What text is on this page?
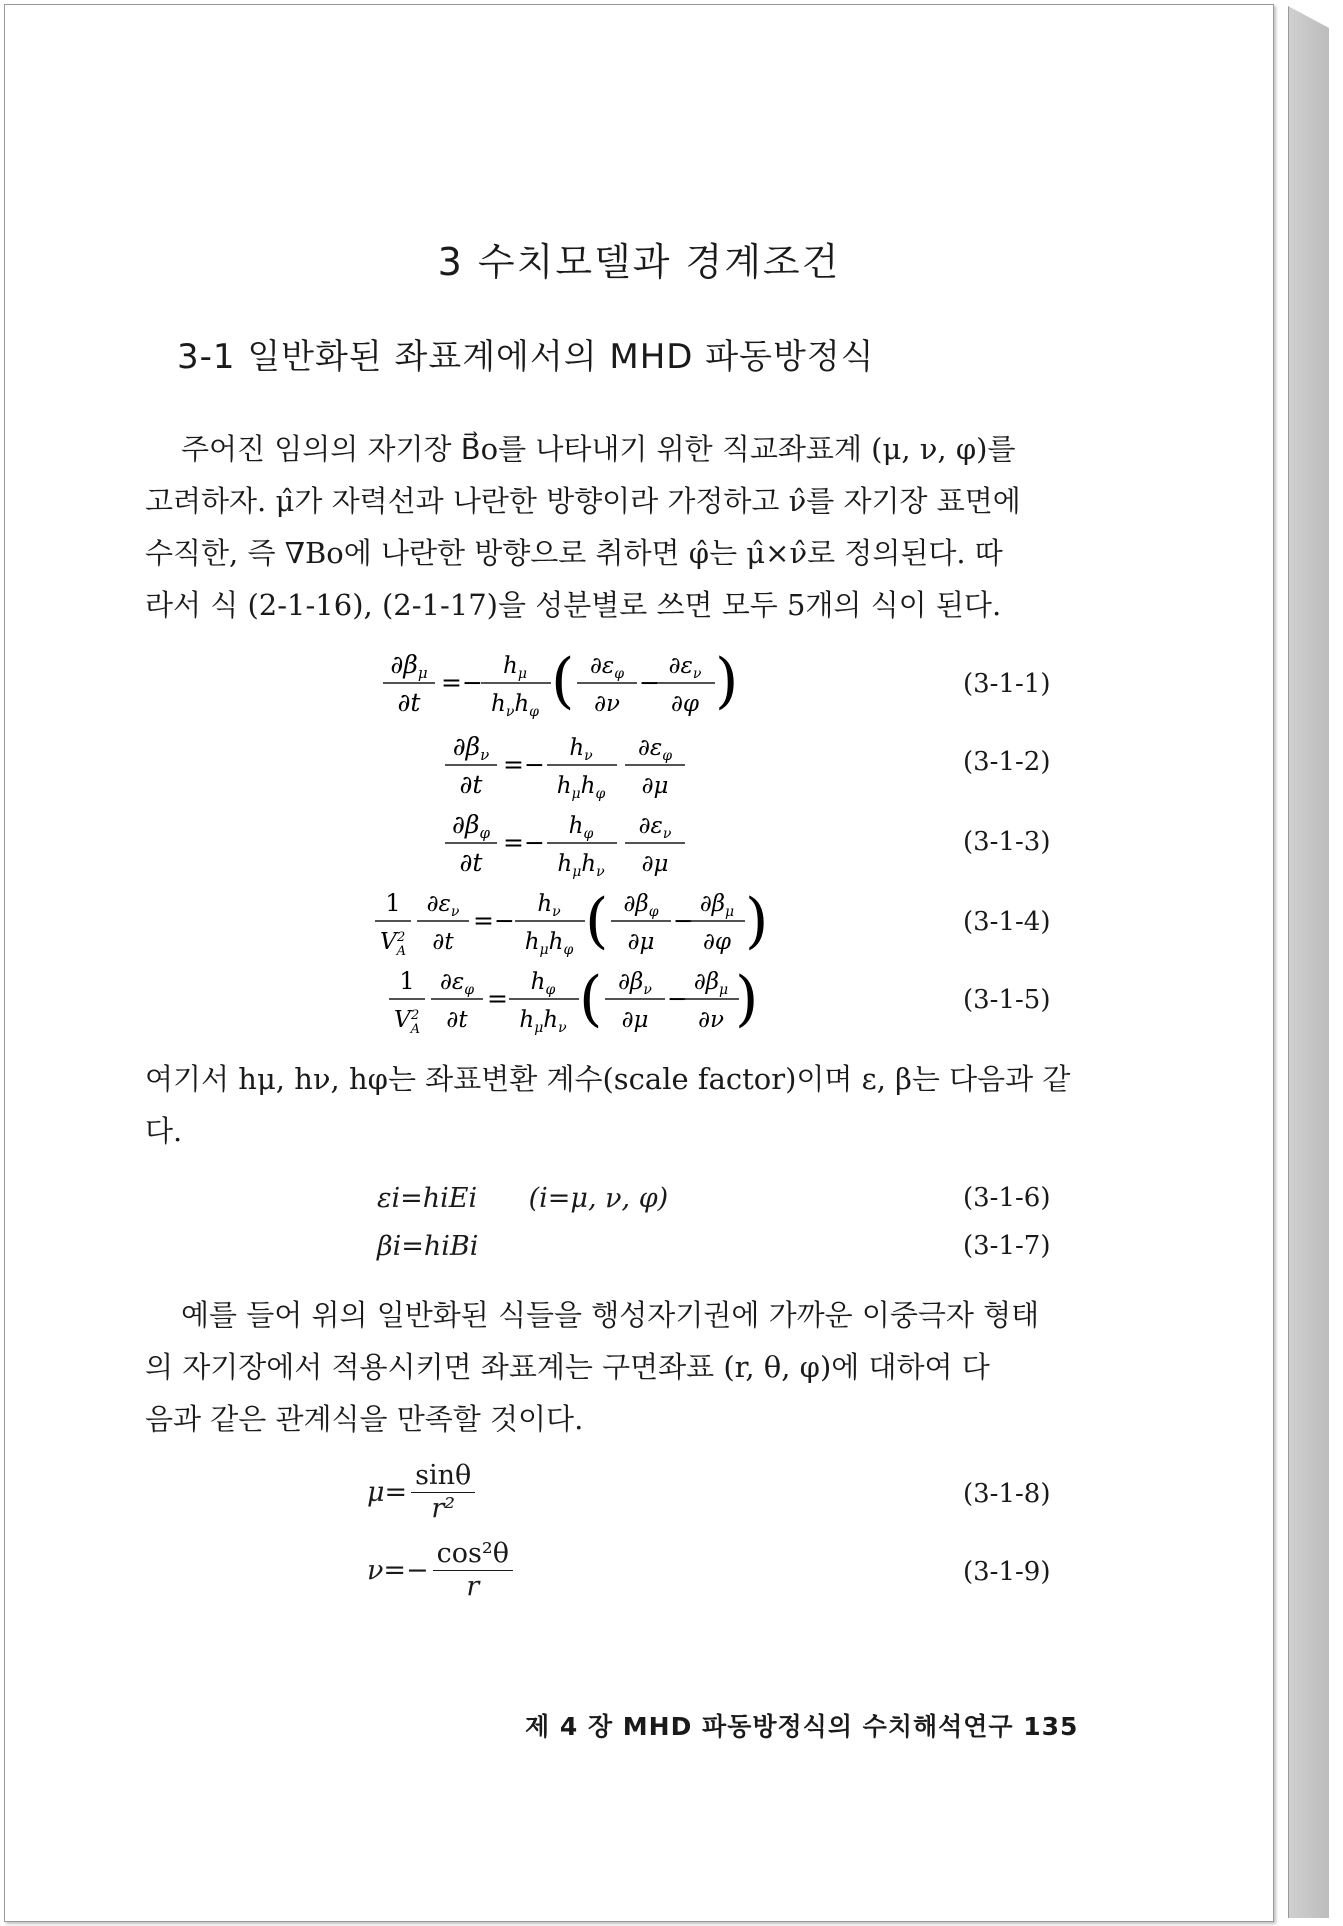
3 수치모델과 경계조건
3-1 일반화된 좌표계에서의 MHD 파동방정식
주어진 임의의 자기장 B⃗o를 나타내기 위한 직교좌표계 (μ, ν, φ)를
고려하자. μ̂가 자력선과 나란한 방향이라 가정하고 ν̂를 자기장 표면에
수직한, 즉 ∇Bo에 나란한 방향으로 취하면 φ̂는 μ̂×ν̂로 정의된다. 따
라서 식 (2-1-16), (2-1-17)을 성분별로 쓰면 모두 5개의 식이 된다.
$\partial\beta_\mu$
∂t
=−
$h_\mu$
$h_\nu h_\varphi$ ( $\partial\varepsilon_\varphi$
∂ν
−
$\partial\varepsilon_\nu$
∂φ )	(3-1-1)
$\partial\beta_\nu$
∂t
=−
$h_\nu$
$h_\mu h_\varphi$
$\partial\varepsilon_\varphi$
∂μ
(3-1-2)
$\partial\beta_\varphi$
∂t
=−
$h_\varphi$
$h_\mu h_\nu$
$\partial\varepsilon_\nu$
∂μ
(3-1-3)
1
$V_A2$
$\partial\varepsilon_\nu$
∂t
=−
$h_\nu$
$h_\mu h_\varphi$ ( $\partial\beta_\varphi$
∂μ
−
$\partial\beta_\mu$
∂φ
(3-1-4)
)
1
$V_A2$
$\partial\varepsilon_\varphi$
∂t
=
$h_\varphi$
$h_\mu h_\nu$ ( $\partial\beta_\nu$
∂μ
−
$\partial\beta_\mu$
∂ν )	(3-1-5)
여기서 hμ, hν, hφ는 좌표변환 계수(scale factor)이며 ε, β는 다음과 같
다.
εi=hiEi      (i=μ, ν, φ)	(3-1-6)
βi=hiBi	(3-1-7)
예를 들어 위의 일반화된 식들을 행성자기권에 가까운 이중극자 형태
의 자기장에서 적용시키면 좌표계는 구면좌표 (r, θ, φ)에 대하여 다
음과 같은 관계식을 만족할 것이다.
$\mu= \frac{\sin\theta}{\text{r²}}$	(3-1-8)
$\nu=- \frac{\text{cos²θ}}{r}$	(3-1-9)
제 4 장 MHD 파동방정식의 수치해석연구 135
